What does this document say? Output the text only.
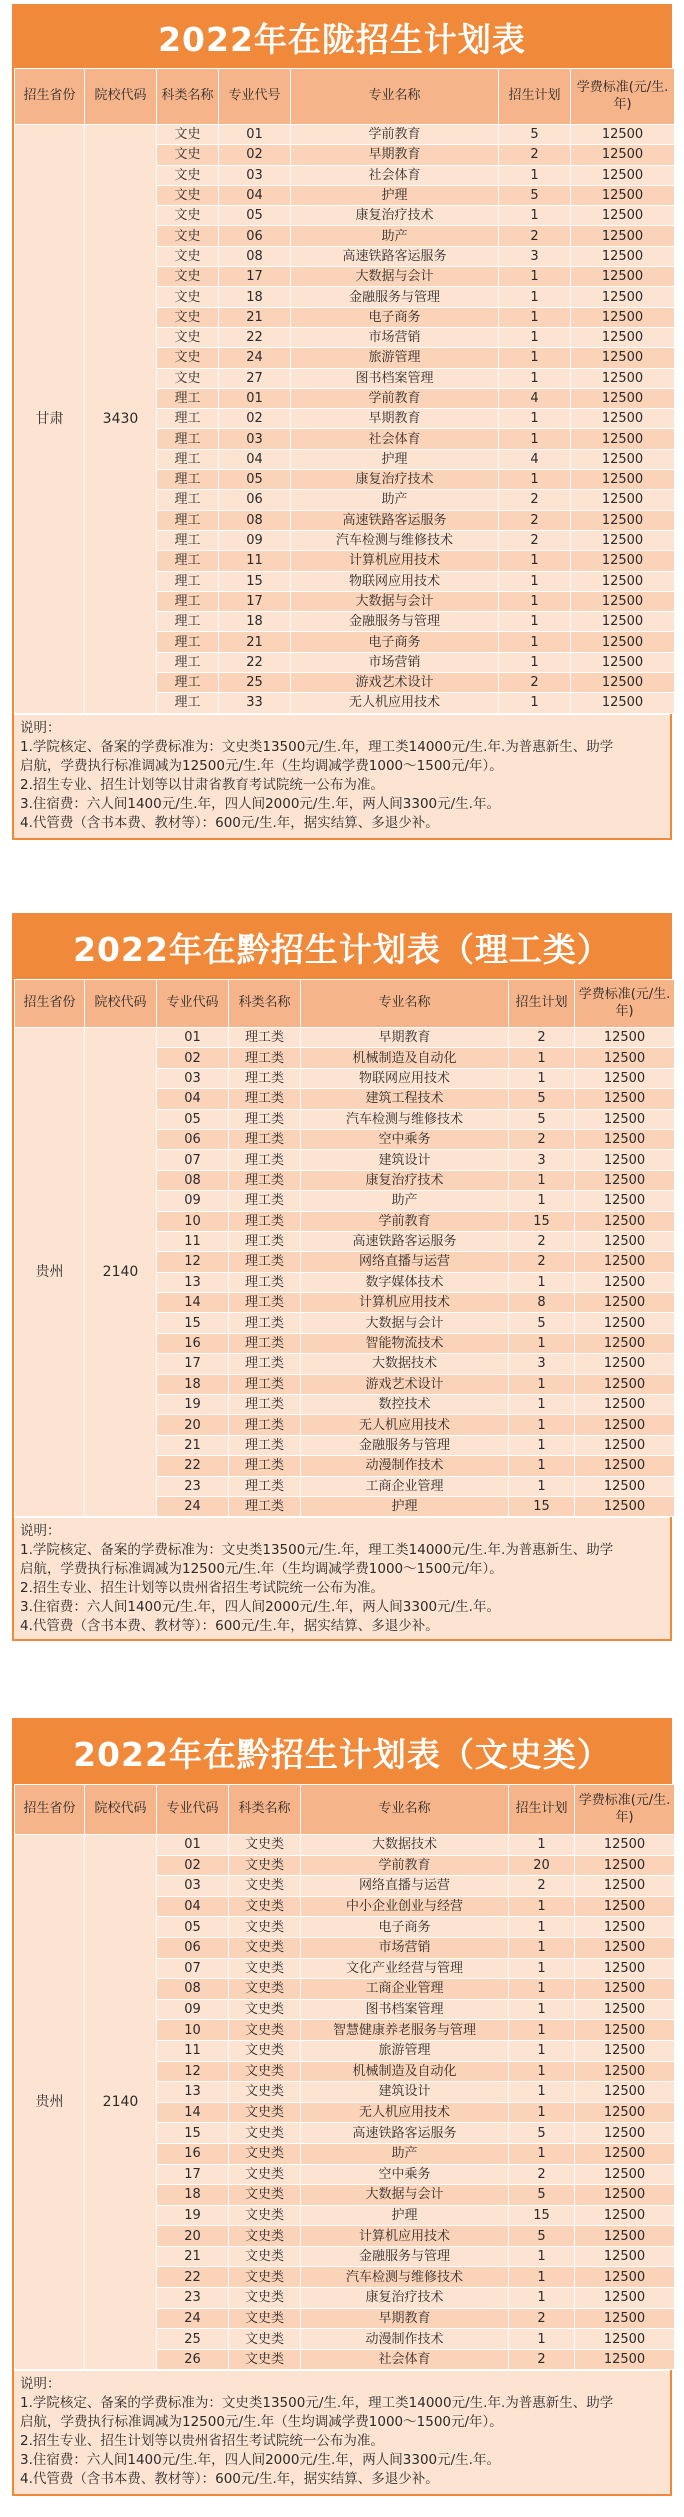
2022年在陇招生计划表
招生省份	院校代码	科类名称	专业代号	专业名称	招生计划	学费标准(元/生.年)
甘肃	3430	文史	01	学前教育	5	12500
		文史	02	早期教育	2	12500
		文史	03	社会体育	1	12500
		文史	04	护理	5	12500
		文史	05	康复治疗技术	1	12500
		文史	06	助产	2	12500
		文史	08	高速铁路客运服务	3	12500
		文史	17	大数据与会计	1	12500
		文史	18	金融服务与管理	1	12500
		文史	21	电子商务	1	12500
		文史	22	市场营销	1	12500
		文史	24	旅游管理	1	12500
		文史	27	图书档案管理	1	12500
		理工	01	学前教育	4	12500
		理工	02	早期教育	1	12500
		理工	03	社会体育	1	12500
		理工	04	护理	4	12500
		理工	05	康复治疗技术	1	12500
		理工	06	助产	2	12500
		理工	08	高速铁路客运服务	2	12500
		理工	09	汽车检测与维修技术	2	12500
		理工	11	计算机应用技术	1	12500
		理工	15	物联网应用技术	1	12500
		理工	17	大数据与会计	1	12500
		理工	18	金融服务与管理	1	12500
		理工	21	电子商务	1	12500
		理工	22	市场营销	1	12500
		理工	25	游戏艺术设计	2	12500
		理工	33	无人机应用技术	1	12500
说明：
1.学院核定、备案的学费标准为：文史类13500元/生.年，理工类14000元/生.年.为普惠新生、助学
启航，学费执行标准调减为12500元/生.年（生均调减学费1000～1500元/年）。
2.招生专业、招生计划等以甘肃省教育考试院统一公布为准。
3.住宿费：六人间1400元/生.年，四人间2000元/生.年，两人间3300元/生.年。
4.代管费（含书本费、教材等）：600元/生.年，据实结算、多退少补。
2022年在黔招生计划表（理工类）
招生省份	院校代码	专业代码	科类名称	专业名称	招生计划	学费标准(元/生.年)
贵州	2140	01	理工类	早期教育	2	12500
		02	理工类	机械制造及自动化	1	12500
		03	理工类	物联网应用技术	1	12500
		04	理工类	建筑工程技术	5	12500
		05	理工类	汽车检测与维修技术	5	12500
		06	理工类	空中乘务	2	12500
		07	理工类	建筑设计	3	12500
		08	理工类	康复治疗技术	1	12500
		09	理工类	助产	1	12500
		10	理工类	学前教育	15	12500
		11	理工类	高速铁路客运服务	2	12500
		12	理工类	网络直播与运营	2	12500
		13	理工类	数字媒体技术	1	12500
		14	理工类	计算机应用技术	8	12500
		15	理工类	大数据与会计	5	12500
		16	理工类	智能物流技术	1	12500
		17	理工类	大数据技术	3	12500
		18	理工类	游戏艺术设计	1	12500
		19	理工类	数控技术	1	12500
		20	理工类	无人机应用技术	1	12500
		21	理工类	金融服务与管理	1	12500
		22	理工类	动漫制作技术	1	12500
		23	理工类	工商企业管理	1	12500
		24	理工类	护理	15	12500
说明：
1.学院核定、备案的学费标准为：文史类13500元/生.年，理工类14000元/生.年.为普惠新生、助学
启航，学费执行标准调减为12500元/生.年（生均调减学费1000～1500元/年）。
2.招生专业、招生计划等以贵州省招生考试院统一公布为准。
3.住宿费：六人间1400元/生.年，四人间2000元/生.年，两人间3300元/生.年。
4.代管费（含书本费、教材等）：600元/生.年，据实结算、多退少补。
2022年在黔招生计划表（文史类）
招生省份	院校代码	专业代码	科类名称	专业名称	招生计划	学费标准(元/生.年)
贵州	2140	01	文史类	大数据技术	1	12500
		02	文史类	学前教育	20	12500
		03	文史类	网络直播与运营	2	12500
		04	文史类	中小企业创业与经营	1	12500
		05	文史类	电子商务	1	12500
		06	文史类	市场营销	1	12500
		07	文史类	文化产业经营与管理	1	12500
		08	文史类	工商企业管理	1	12500
		09	文史类	图书档案管理	1	12500
		10	文史类	智慧健康养老服务与管理	1	12500
		11	文史类	旅游管理	1	12500
		12	文史类	机械制造及自动化	1	12500
		13	文史类	建筑设计	1	12500
		14	文史类	无人机应用技术	1	12500
		15	文史类	高速铁路客运服务	5	12500
		16	文史类	助产	1	12500
		17	文史类	空中乘务	2	12500
		18	文史类	大数据与会计	5	12500
		19	文史类	护理	15	12500
		20	文史类	计算机应用技术	5	12500
		21	文史类	金融服务与管理	1	12500
		22	文史类	汽车检测与维修技术	1	12500
		23	文史类	康复治疗技术	1	12500
		24	文史类	早期教育	2	12500
		25	文史类	动漫制作技术	1	12500
		26	文史类	社会体育	2	12500
说明：
1.学院核定、备案的学费标准为：文史类13500元/生.年，理工类14000元/生.年.为普惠新生、助学
启航，学费执行标准调减为12500元/生.年（生均调减学费1000～1500元/年）。
2.招生专业、招生计划等以贵州省招生考试院统一公布为准。
3.住宿费：六人间1400元/生.年，四人间2000元/生.年，两人间3300元/生.年。
4.代管费（含书本费、教材等）：600元/生.年，据实结算、多退少补。
